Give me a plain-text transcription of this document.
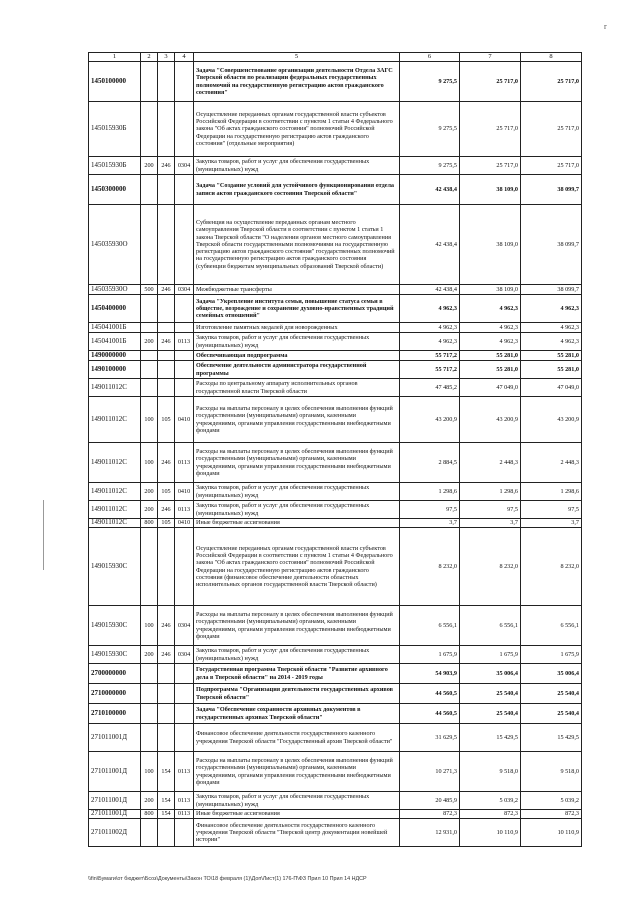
r
1	2	3	4	5	6	7	8
1450100000				Задача "Совершенствование организации деятельности Отдела ЗАГС Тверской области по реализации федеральных государственных полномочий на государственную регистрацию актов гражданского состояния"	9 275,5	25 717,0	25 717,0
145015930Б				Осуществление переданных органам государственной власти субъектов Российской Федерации в соответствии с пунктом 1 статьи 4 Федерального закона "Об актах гражданского состояния" полномочий Российской Федерации на государственную регистрацию актов гражданского состояния" (отдельные мероприятия)	9 275,5	25 717,0	25 717,0
145015930Б	200	246	0304	Закупка товаров, работ и услуг для обеспечения государственных (муниципальных) нужд	9 275,5	25 717,0	25 717,0
1450300000				Задача "Создание условий для устойчивого функционирования отдела записи актов гражданского состояния Тверской области"	42 438,4	38 109,0	38 099,7
145035930О				Субвенция на осуществление переданных органам местного самоуправления Тверской области в соответствии с пунктом 1 статьи 1 закона Тверской области "О наделении органов местного самоуправления Тверской области государственными полномочиями на государственную регистрацию актов гражданского состояния" государственных полномочий на государственную регистрацию актов гражданского состояния (субвенции бюджетам муниципальных образований Тверской области)	42 438,4	38 109,0	38 099,7
145035930О	500	246	0304	Межбюджетные трансферты	42 438,4	38 109,0	38 099,7
1450400000				Задача "Укрепление института семьи, повышение статуса семьи в обществе, возрождение и сохранение духовно-нравственных традиций семейных отношений"	4 962,3	4 962,3	4 962,3
145041001Б				Изготовление памятных медалей для новорожденных	4 962,3	4 962,3	4 962,3
145041001Б	200	246	0113	Закупка товаров, работ и услуг для обеспечения государственных (муниципальных) нужд	4 962,3	4 962,3	4 962,3
1490000000				Обеспечивающая подпрограмма	55 717,2	55 281,0	55 281,0
1490100000				Обеспечение деятельности администратора государственной программы	55 717,2	55 281,0	55 281,0
149011012С				Расходы по центральному аппарату исполнительных органов государственной власти Тверской области	47 485,2	47 049,0	47 049,0
149011012С	100	105	0410	Расходы на выплаты персоналу в целях обеспечения выполнения функций государственными (муниципальными) органами, казенными учреждениями, органами управления государственными внебюджетными фондами	43 200,9	43 200,9	43 200,9
149011012С	100	246	0113	Расходы на выплаты персоналу в целях обеспечения выполнения функций государственными (муниципальными) органами, казенными учреждениями, органами управления государственными внебюджетными фондами	2 884,5	2 448,3	2 448,3
149011012С	200	105	0410	Закупка товаров, работ и услуг для обеспечения государственных (муниципальных) нужд	1 298,6	1 298,6	1 298,6
149011012С	200	246	0113	Закупка товаров, работ и услуг для обеспечения государственных (муниципальных) нужд	97,5	97,5	97,5
149011012С	800	105	0410	Иные бюджетные ассигнования	3,7	3,7	3,7
149015930С				Осуществление переданных органам государственной власти субъектов Российской Федерации в соответствии с пунктом 1 статьи 4 Федерального закона "Об актах гражданского состояния" полномочий Российской Федерации на государственную регистрацию актов гражданского состояния (финансовое обеспечение деятельности областных исполнительных органов государственной власти Тверской области)	8 232,0	8 232,0	8 232,0
149015930С	100	246	0304	Расходы на выплаты персоналу в целях обеспечения выполнения функций государственными (муниципальными) органами, казенными учреждениями, органами управления государственными внебюджетными фондами	6 556,1	6 556,1	6 556,1
149015930С	200	246	0304	Закупка товаров, работ и услуг для обеспечения государственных (муниципальных) нужд	1 675,9	1 675,9	1 675,9
2700000000				Государственная программа Тверской области "Развитие архивного дела в Тверской области" на 2014 - 2019 годы	54 903,9	35 006,4	35 006,4
2710000000				Подпрограмма "Организация деятельности государственных архивов Тверской области"	44 560,5	25 540,4	25 540,4
2710100000				Задача "Обеспечение сохранности архивных документов в государственных архивах Тверской области"	44 560,5	25 540,4	25 540,4
271011001Д				Финансовое обеспечение деятельности государственного казенного учреждения Тверской области "Государственный архив Тверской области"	31 629,5	15 429,5	15 429,5
271011001Д	100	154	0113	Расходы на выплаты персоналу в целях обеспечения выполнения функций государственными (муниципальными) органами, казенными учреждениями, органами управления государственными внебюджетными фондами	10 271,3	9 518,0	9 518,0
271011001Д	200	154	0113	Закупка товаров, работ и услуг для обеспечения государственных (муниципальных) нужд	20 485,9	5 039,2	5 039,2
271011001Д	800	154	0113	Иные бюджетные ассигнования	872,3	872,3	872,3
271011002Д				Финансовое обеспечение деятельности государственного казенного учреждения Тверской области "Тверской центр документации новейшей истории"	12 931,0	10 110,9	10 110,9
\\fin\Бумаги\от бюджет\Бсоз\Документы\Закон ТО\18 февраля (1)\Доп\Лист(1) 176-П\ФЗ Прил 10 Прил 14 НДСР
